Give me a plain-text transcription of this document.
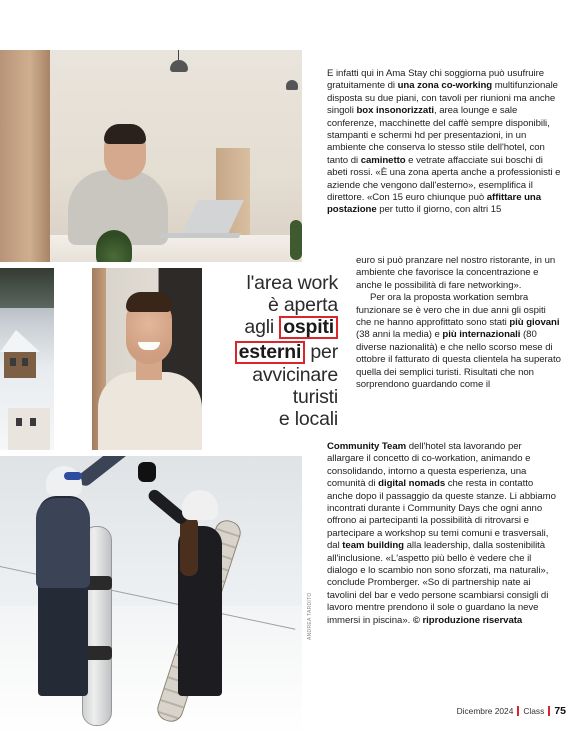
ANDREA TARDITO
l'area work
è aperta
agli ospiti
esterni per
avvicinare
turisti
e locali
E infatti qui in Ama Stay chi soggiorna può usufruire gratuitamente di una zona co-working multifunzionale disposta su due piani, con tavoli per riunioni ma anche singoli box insonorizzati, area lounge e sale conferenze, macchinette del caffè sempre disponibili, stampanti e schermi hd per presentazioni, in un ambiente che conserva lo stesso stile dell'hotel, con tanto di caminetto e vetrate affacciate sui boschi di abeti rossi. «È una zona aperta anche a professionisti e aziende che vengono dall'esterno», esemplifica il direttore. «Con 15 euro chiunque può affittare una postazione per tutto il giorno, con altri 15
euro si può pranzare nel nostro ristorante, in un ambiente che favorisce la concentrazione e anche le possibilità di fare networking».
Per ora la proposta workation sembra funzionare se è vero che in due anni gli ospiti che ne hanno approfittato sono stati più giovani (38 anni la media) e più internazionali (80 diverse nazionalità) e che nello scorso mese di ottobre il fatturato di questa clientela ha superato quella dei semplici turisti. Risultati che non sorprendono guardando come il
Community Team dell'hotel sta lavorando per allargare il concetto di co-workation, animando e consolidando, intorno a questa esperienza, una comunità di digital nomads che resta in contatto anche dopo il passaggio da queste stanze. Li abbiamo incontrati durante i Community Days che ogni anno offrono ai partecipanti la possibilità di ritrovarsi e partecipare a workshop su temi comuni e trasversali, dal team building alla leadership, dalla sostenibilità all'inclusione. «L'aspetto più bello è vedere che il dialogo e lo scambio non sono sforzati, ma naturali», conclude Promberger. «So di partnership nate ai tavolini del bar e vedo persone scambiarsi consigli di lavoro mentre prendono il sole o guardano la neve immersi in piscina». © riproduzione riservata
Dicembre 2024 Class 75
